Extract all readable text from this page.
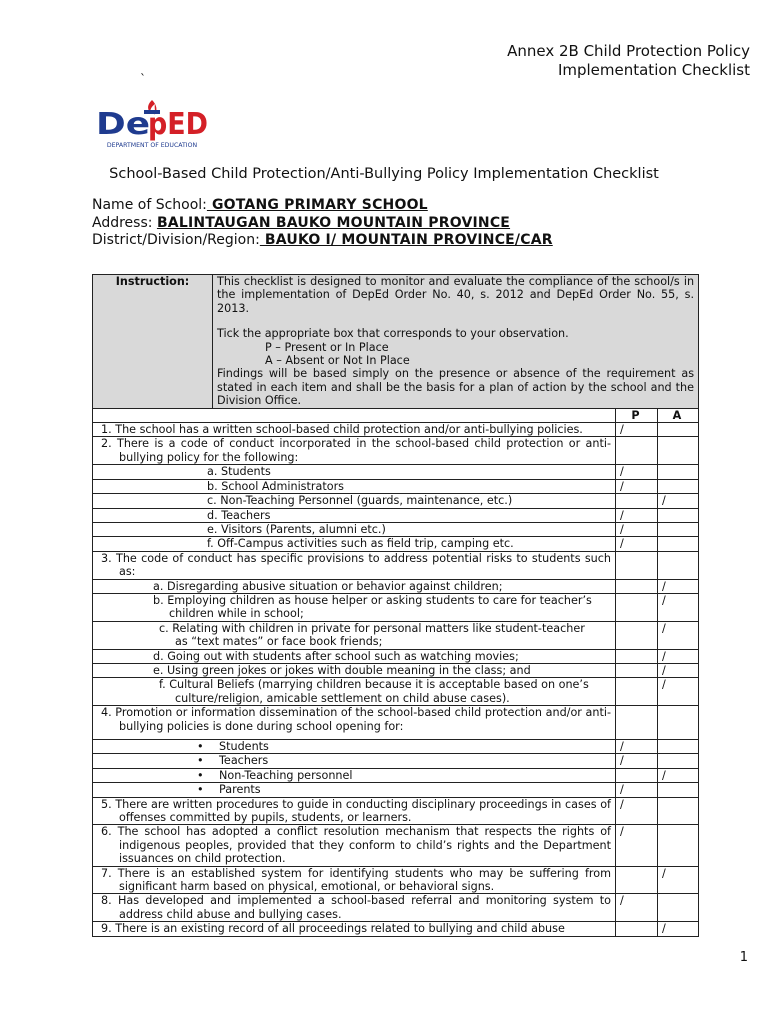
Annex 2B Child Protection Policy
Implementation Checklist
`
De
pED
DEPARTMENT OF EDUCATION
School-Based Child Protection/Anti-Bullying Policy Implementation Checklist
Name of School: GOTANG PRIMARY SCHOOL
Address: BALINTAUGAN BAUKO MOUNTAIN PROVINCE
District/Division/Region: BAUKO I/ MOUNTAIN PROVINCE/CAR
Instruction:	This checklist is designed to monitor and evaluate the compliance of the school/s in the implementation of DepEd Order No. 40, s. 2012 and DepEd Order No. 55, s. 2013.
Tick the appropriate box that corresponds to your observation.
P – Present or In Place
A – Absent or Not In Place
Findings will be based simply on the presence or absence of the requirement as stated in each item and shall be the basis for a plan of action by the school and the Division Office.		

		P	A

1. The school has a written school-based child protection and/or anti-bullying policies.		/	

2. There is a code of conduct incorporated in the school-based child protection or anti-bullying policy for the following:			

a. Students		/	

b. School Administrators		/	

c. Non-Teaching Personnel (guards, maintenance, etc.)			/

d. Teachers		/	

e. Visitors (Parents, alumni etc.)		/	

f. Off-Campus activities such as field trip, camping etc.		/	

3. The code of conduct has specific provisions to address potential risks to students such as:			

a. Disregarding abusive situation or behavior against children;			/

b. Employing children as house helper or asking students to care for teacher’s
children while in school;			/

c. Relating with children in private for personal matters like student-teacher
as “text mates” or face book friends;			/

d. Going out with students after school such as watching movies;			/

e. Using green jokes or jokes with double meaning in the class; and			/

f. Cultural Beliefs (marrying children because it is acceptable based on one’s
culture/religion, amicable settlement on child abuse cases).			/

4. Promotion or information dissemination of the school-based child protection and/or anti-bullying policies is done during school opening for:			

• Students		/	

• Teachers		/	

• Non-Teaching personnel			/

• Parents		/	

5. There are written procedures to guide in conducting disciplinary proceedings in cases of offenses committed by pupils, students, or learners.		/	

6. The school has adopted a conflict resolution mechanism that respects the rights of indigenous peoples, provided that they conform to child’s rights and the Department issuances on child protection.		/	

7. There is an established system for identifying students who may be suffering from significant harm based on physical, emotional, or behavioral signs.			/

8. Has developed and implemented a school-based referral and monitoring system to address child abuse and bullying cases.		/	

9. There is an existing record of all proceedings related to bullying and child abuse			/
1
